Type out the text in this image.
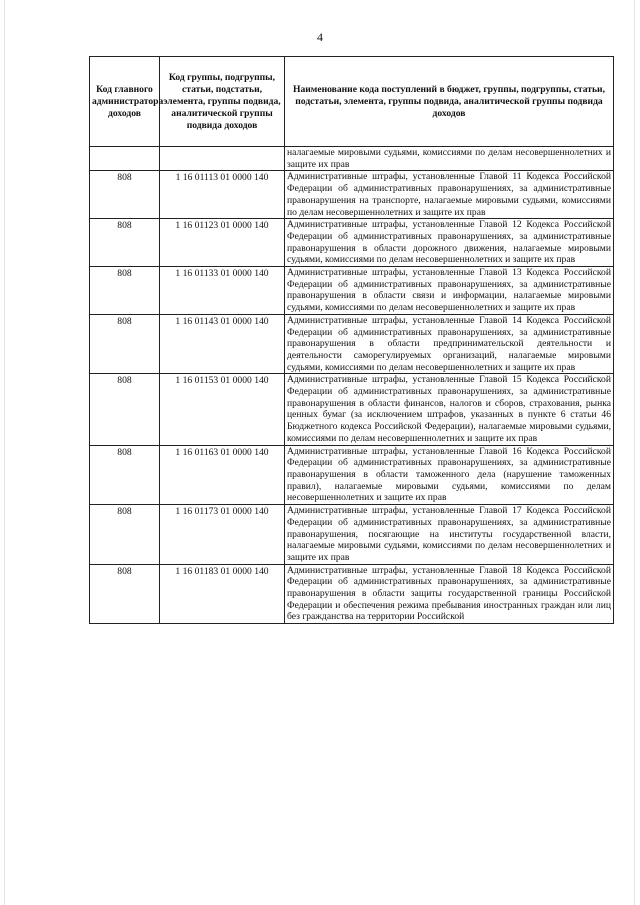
4
Код главного администратора доходов	Код группы, подгруппы, статьи, подстатьи, элемента, группы подвида, аналитической группы подвида доходов	Наименование кода поступлений в бюджет, группы, подгруппы, статьи, подстатьи, элемента, группы подвида, аналитической группы подвида доходов
		налагаемые мировыми судьями, комиссиями по делам несовершеннолетних и защите их прав
808	1 16 01113 01 0000 140	Административные штрафы, установленные Главой 11 Кодекса Российской Федерации об административных правонарушениях, за административные правонарушения на транспорте, налагаемые мировыми судьями, комиссиями по делам несовершеннолетних и защите их прав
808	1 16 01123 01 0000 140	Административные штрафы, установленные Главой 12 Кодекса Российской Федерации об административных правонарушениях, за административные правонарушения в области дорожного движения, налагаемые мировыми судьями, комиссиями по делам несовершеннолетних и защите их прав
808	1 16 01133 01 0000 140	Административные штрафы, установленные Главой 13 Кодекса Российской Федерации об административных правонарушениях, за административные правонарушения в области связи и информации, налагаемые мировыми судьями, комиссиями по делам несовершеннолетних и защите их прав
808	1 16 01143 01 0000 140	Административные штрафы, установленные Главой 14 Кодекса Российской Федерации об административных правонарушениях, за административные правонарушения в области предпринимательской деятельности и деятельности саморегулируемых организаций, налагаемые мировыми судьями, комиссиями по делам несовершеннолетних и защите их прав
808	1 16 01153 01 0000 140	Административные штрафы, установленные Главой 15 Кодекса Российской Федерации об административных правонарушениях, за административные правонарушения в области финансов, налогов и сборов, страхования, рынка ценных бумаг (за исключением штрафов, указанных в пункте 6 статьи 46 Бюджетного кодекса Российской Федерации), налагаемые мировыми судьями, комиссиями по делам несовершеннолетних и защите их прав
808	1 16 01163 01 0000 140	Административные штрафы, установленные Главой 16 Кодекса Российской Федерации об административных правонарушениях, за административные правонарушения в области таможенного дела (нарушение таможенных правил), налагаемые мировыми судьями, комиссиями по делам несовершеннолетних и защите их прав
808	1 16 01173 01 0000 140	Административные штрафы, установленные Главой 17 Кодекса Российской Федерации об административных правонарушениях, за административные правонарушения, посягающие на институты государственной власти, налагаемые мировыми судьями, комиссиями по делам несовершеннолетних и защите их прав
808	1 16 01183 01 0000 140	Административные штрафы, установленные Главой 18 Кодекса Российской Федерации об административных правонарушениях, за административные правонарушения в области защиты государственной границы Российской Федерации и обеспечения режима пребывания иностранных граждан или лиц без гражданства на территории Российской
